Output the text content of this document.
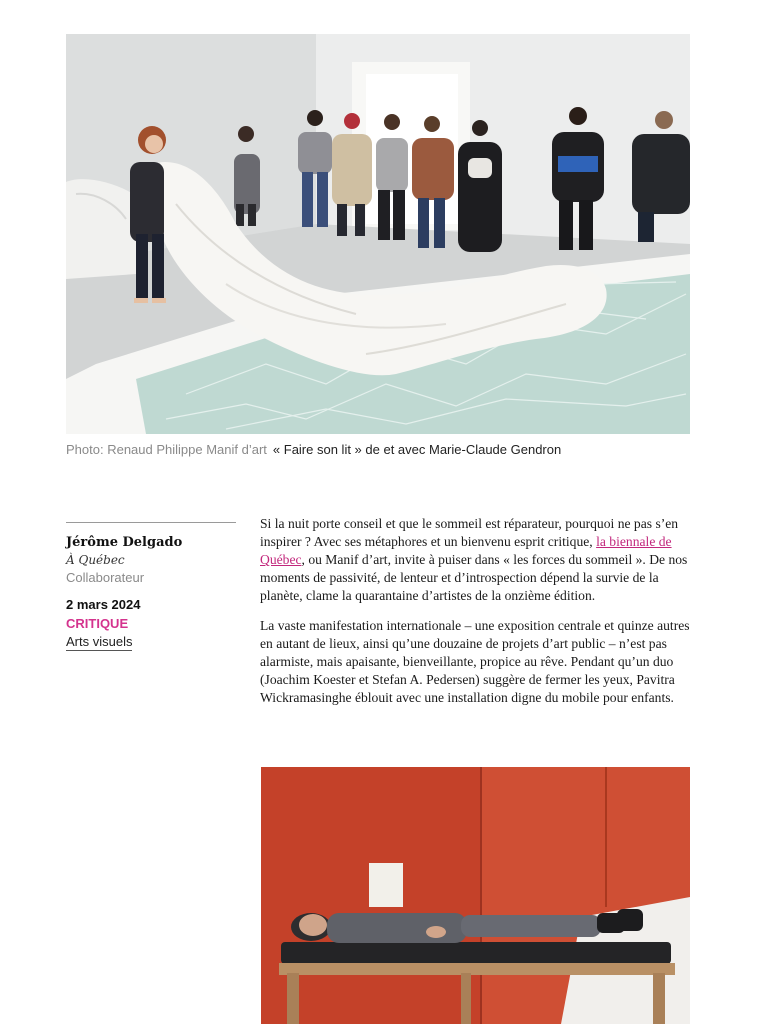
Photo: Renaud Philippe Manif d’art « Faire son lit » de et avec Marie-Claude Gendron
Jérôme Delgado
À Québec
Collaborateur
2 mars 2024
CRITIQUE
Arts visuels

Si la nuit porte conseil et que le sommeil est réparateur, pourquoi ne pas s’en inspirer ? Avec ses métaphores et un bienvenu esprit critique, la biennale de Québec, ou Manif d’art, invite à puiser dans « les forces du sommeil ». De nos moments de passivité, de lenteur et d’introspection dépend la survie de la planète, clame la quarantaine d’artistes de la onzième édition.

La vaste manifestation internationale – une exposition centrale et quinze autres en autant de lieux, ainsi qu’une douzaine de projets d’art public – n’est pas alarmiste, mais apaisante, bienveillante, propice au rêve. Pendant qu’un duo (Joachim Koester et Stefan A. Pedersen) suggère de fermer les yeux, Pavitra Wickramasinghe éblouit avec une installation digne du mobile pour enfants.
